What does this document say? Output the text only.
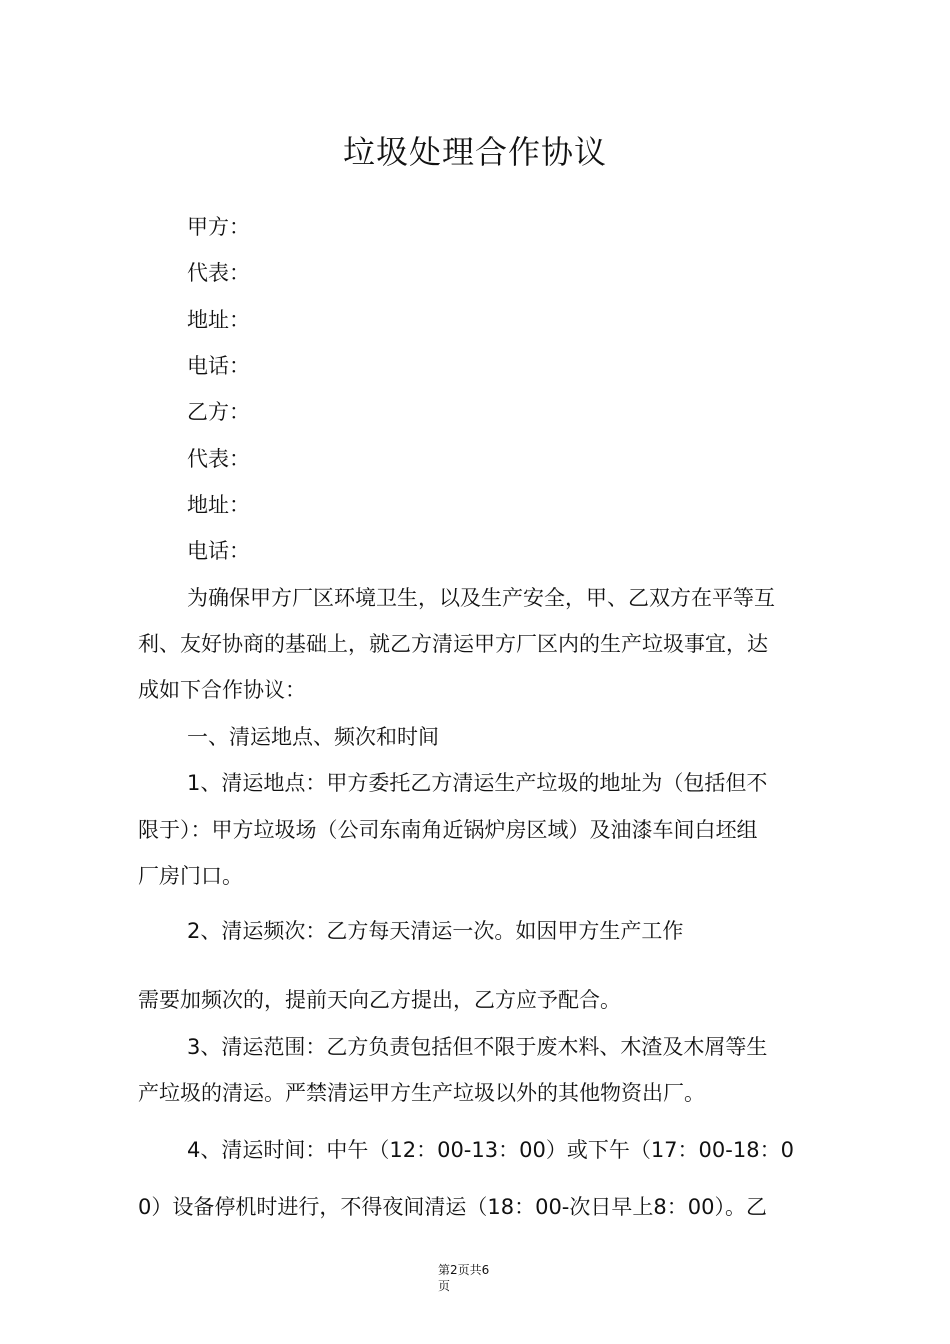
垃圾处理合作协议

甲方：

代表：

地址：

电话：

乙方：

代表：

地址：

电话：

为确保甲方厂区环境卫生，以及生产安全，甲、乙双方在平等互

利、友好协商的基础上，就乙方清运甲方厂区内的生产垃圾事宜，达

成如下合作协议：

一、清运地点、频次和时间

1、清运地点：甲方委托乙方清运生产垃圾的地址为（包括但不

限于）：甲方垃圾场（公司东南角近锅炉房区域）及油漆车间白坯组

厂房门口。

2、清运频次：乙方每天清运一次。如因甲方生产工作

需要加频次的，提前天向乙方提出，乙方应予配合。

3、清运范围：乙方负责包括但不限于废木料、木渣及木屑等生

产垃圾的清运。严禁清运甲方生产垃圾以外的其他物资出厂。

4、清运时间：中午（12：00-13：00）或下午（17：00-18：0

0）设备停机时进行，不得夜间清运（18：00-次日早上8：00）。乙

第2页共6
页
